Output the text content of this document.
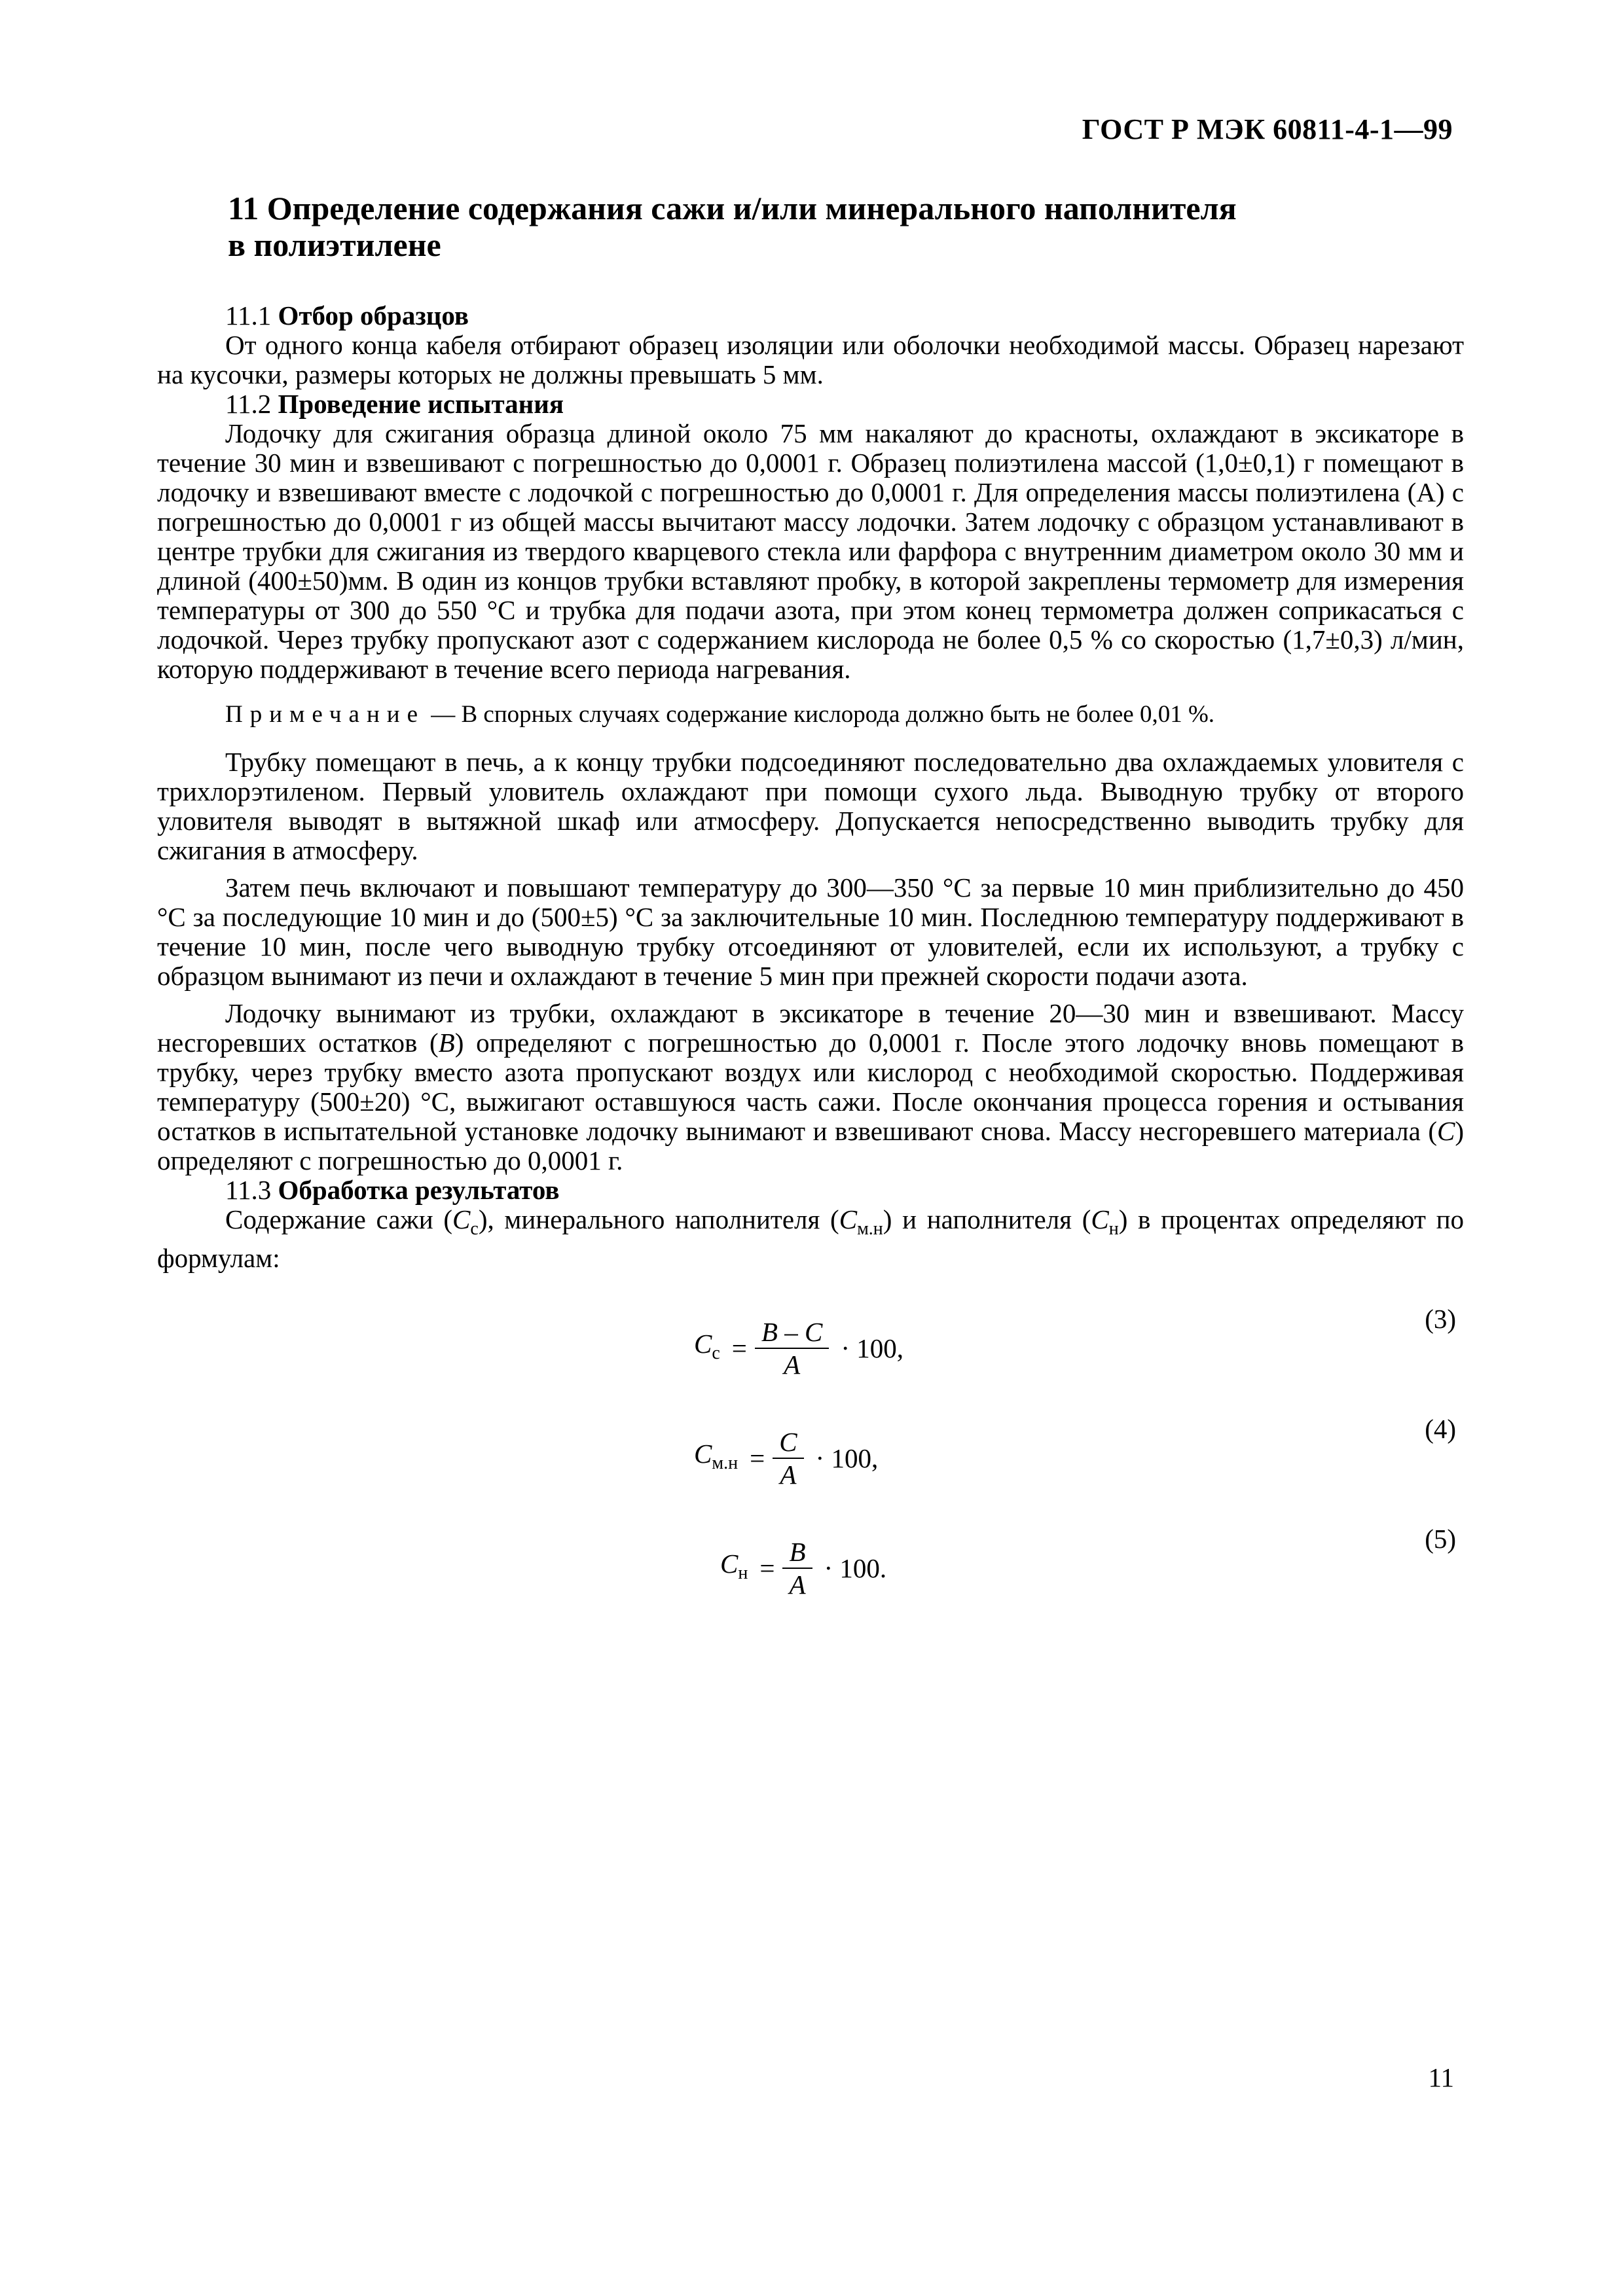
ГОСТ Р МЭК 60811-4-1—99
11 Определение содержания сажи и/или минерального наполнителя
в полиэтилене
11.1 Отбор образцов

От одного конца кабеля отбирают образец изоляции или оболочки необходимой массы. Образец нарезают на кусочки, размеры которых не должны превышать 5 мм.

11.2 Проведение испытания

Лодочку для сжигания образца длиной около 75 мм накаляют до красноты, охлаждают в эксикаторе в течение 30 мин и взвешивают с погрешностью до 0,0001 г. Образец полиэтилена массой (1,0±0,1) г помещают в лодочку и взвешивают вместе с лодочкой с погрешностью до 0,0001 г. Для определения массы полиэтилена (А) с погрешностью до 0,0001 г из общей массы вычитают массу лодочки. Затем лодочку с образцом устанавливают в центре трубки для сжигания из твердого кварцевого стекла или фарфора с внутренним диаметром около 30 мм и длиной (400±50)мм. В один из концов трубки вставляют пробку, в которой закреплены термометр для измерения температуры от 300 до 550 °С и трубка для подачи азота, при этом конец термометра должен соприкасаться с лодочкой. Через трубку пропускают азот с содержанием кислорода не более 0,5 % со скоростью (1,7±0,3) л/мин, которую поддерживают в течение всего периода нагревания.

Примечание — В спорных случаях содержание кислорода должно быть не более 0,01 %.

Трубку помещают в печь, а к концу трубки подсоединяют последовательно два охлаждаемых уловителя с трихлорэтиленом. Первый уловитель охлаждают при помощи сухого льда. Выводную трубку от второго уловителя выводят в вытяжной шкаф или атмосферу. Допускается непосредственно выводить трубку для сжигания в атмосферу.

Затем печь включают и повышают температуру до 300—350 °С за первые 10 мин приблизительно до 450 °С за последующие 10 мин и до (500±5) °С за заключительные 10 мин. Последнюю температуру поддерживают в течение 10 мин, после чего выводную трубку отсоединяют от уловителей, если их используют, а трубку с образцом вынимают из печи и охлаждают в течение 5 мин при прежней скорости подачи азота.

Лодочку вынимают из трубки, охлаждают в эксикаторе в течение 20—30 мин и взвешивают. Массу несгоревших остатков (B) определяют с погрешностью до 0,0001 г. После этого лодочку вновь помещают в трубку, через трубку вместо азота пропускают воздух или кислород с необходимой скоростью. Поддерживая температуру (500±20) °С, выжигают оставшуюся часть сажи. После окончания процесса горения и остывания остатков в испытательной установке лодочку вынимают и взвешивают снова. Массу несгоревшего материала (C) определяют с погрешностью до 0,0001 г.

11.3 Обработка результатов

Содержание сажи $(C_с)$, минерального наполнителя $(C_{м.н})$ и наполнителя $(C_н)$ в процентах определяют по формулам:

$C_с = \frac{B - C}{A} \cdot 100$,
(3)
$C_{м.н} = \frac{C}{A} \cdot 100$,
(4)
$C_н = \frac{B}{A} \cdot 100$.
(5)
11
